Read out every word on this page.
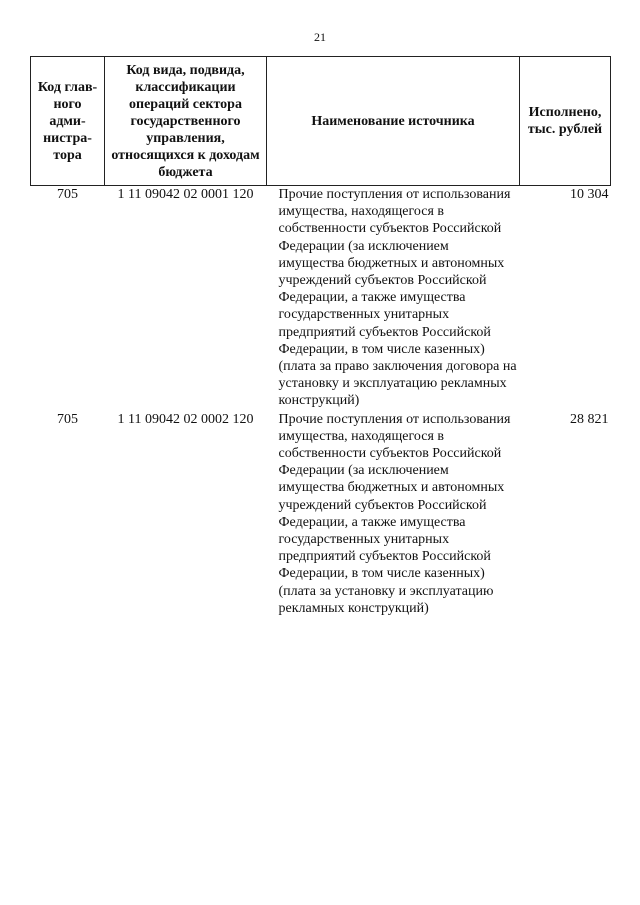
21
Код главного администратора	Код вида, подвида, классификации операций сектора государственного управления, относящихся к доходам бюджета	Наименование источника	Исполнено, тыс. рублей
705	1 11 09042 02 0001 120	Прочие поступления от использования имущества, находящегося в собственности субъектов Российской Федерации (за исключением имущества бюджетных и автономных учреждений субъектов Российской Федерации, а также имущества государственных унитарных предприятий субъектов Российской Федерации, в том числе казенных) (плата за право заключения договора на установку и эксплуатацию рекламных конструкций)	10 304
705	1 11 09042 02 0002 120	Прочие поступления от использования имущества, находящегося в собственности субъектов Российской Федерации (за исключением имущества бюджетных и автономных учреждений субъектов Российской Федерации, а также имущества государственных унитарных предприятий субъектов Российской Федерации, в том числе казенных) (плата за установку и эксплуатацию рекламных конструкций)	28 821
